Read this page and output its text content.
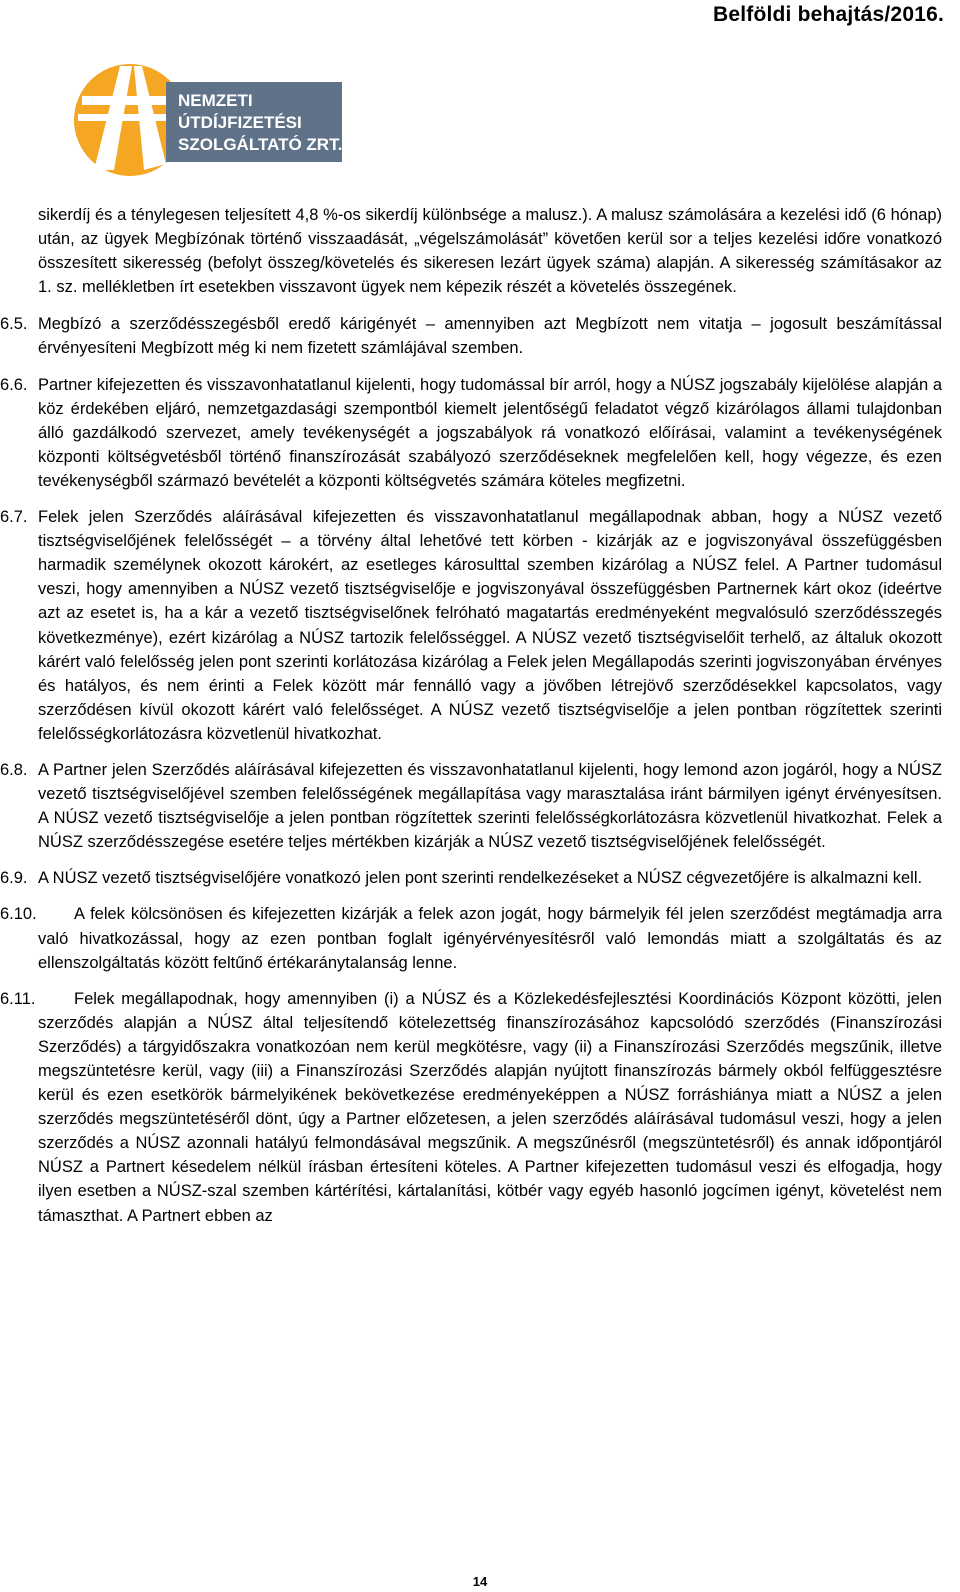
Belföldi behajtás/2016.
NEMZETI
ÚTDÍJFIZETÉSI
SZOLGÁLTATÓ ZRT.

sikerdíj és a ténylegesen teljesített 4,8 %-os sikerdíj különbsége a malusz.). A malusz számolására a kezelési idő (6 hónap) után, az ügyek Megbízónak történő visszaadását, „végelszámolását” követően kerül sor a teljes kezelési időre vonatkozó összesített sikeresség (befolyt összeg/követelés és sikeresen lezárt ügyek száma) alapján. A sikeresség számításakor az 1. sz. mellékletben írt esetekben visszavont ügyek nem képezik részét a követelés összegének.

6.5. Megbízó a szerződésszegésből eredő kárigényét – amennyiben azt Megbízott nem vitatja – jogosult beszámítással érvényesíteni Megbízott még ki nem fizetett számlájával szemben.
6.6. Partner kifejezetten és visszavonhatatlanul kijelenti, hogy tudomással bír arról, hogy a NÚSZ jogszabály kijelölése alapján a köz érdekében eljáró, nemzetgazdasági szempontból kiemelt jelentőségű feladatot végző kizárólagos állami tulajdonban álló gazdálkodó szervezet, amely tevékenységét a jogszabályok rá vonatkozó előírásai, valamint a tevékenységének központi költségvetésből történő finanszírozását szabályozó szerződéseknek megfelelően kell, hogy végezze, és ezen tevékenységből származó bevételét a központi költségvetés számára köteles megfizetni.
6.7. Felek jelen Szerződés aláírásával kifejezetten és visszavonhatatlanul megállapodnak abban, hogy a NÚSZ vezető tisztségviselőjének felelősségét – a törvény által lehetővé tett körben - kizárják az e jogviszonyával összefüggésben harmadik személynek okozott károkért, az esetleges károsulttal szemben kizárólag a NÚSZ felel. A Partner tudomásul veszi, hogy amennyiben a NÚSZ vezető tisztségviselője e jogviszonyával összefüggésben Partnernek kárt okoz (ideértve azt az esetet is, ha a kár a vezető tisztségviselőnek felróható magatartás eredményeként megvalósuló szerződésszegés következménye), ezért kizárólag a NÚSZ tartozik felelősséggel. A NÚSZ vezető tisztségviselőit terhelő, az általuk okozott kárért való felelősség jelen pont szerinti korlátozása kizárólag a Felek jelen Megállapodás szerinti jogviszonyában érvényes és hatályos, és nem érinti a Felek között már fennálló vagy a jövőben létrejövő szerződésekkel kapcsolatos, vagy szerződésen kívül okozott kárért való felelősséget. A NÚSZ vezető tisztségviselője a jelen pontban rögzítettek szerinti felelősségkorlátozásra közvetlenül hivatkozhat.
6.8. A Partner jelen Szerződés aláírásával kifejezetten és visszavonhatatlanul kijelenti, hogy lemond azon jogáról, hogy a NÚSZ vezető tisztségviselőjével szemben felelősségének megállapítása vagy marasztalása iránt bármilyen igényt érvényesítsen. A NÚSZ vezető tisztségviselője a jelen pontban rögzítettek szerinti felelősségkorlátozásra közvetlenül hivatkozhat. Felek a NÚSZ szerződésszegése esetére teljes mértékben kizárják a NÚSZ vezető tisztségviselőjének felelősségét.
6.9. A NÚSZ vezető tisztségviselőjére vonatkozó jelen pont szerinti rendelkezéseket a NÚSZ cégvezetőjére is alkalmazni kell.
6.10. A felek kölcsönösen és kifejezetten kizárják a felek azon jogát, hogy bármelyik fél jelen szerződést megtámadja arra való hivatkozással, hogy az ezen pontban foglalt igényérvényesítésről való lemondás miatt a szolgáltatás és az ellenszolgáltatás között feltűnő értékaránytalanság lenne.
6.11. Felek megállapodnak, hogy amennyiben (i) a NÚSZ és a Közlekedésfejlesztési Koordinációs Központ közötti, jelen szerződés alapján a NÚSZ által teljesítendő kötelezettség finanszírozásához kapcsolódó szerződés (Finanszírozási Szerződés) a tárgyidőszakra vonatkozóan nem kerül megkötésre, vagy (ii) a Finanszírozási Szerződés megszűnik, illetve megszüntetésre kerül, vagy (iii) a Finanszírozási Szerződés alapján nyújtott finanszírozás bármely okból felfüggesztésre kerül és ezen esetkörök bármelyikének bekövetkezése eredményeképpen a NÚSZ forráshiánya miatt a NÚSZ a jelen szerződés megszüntetéséről dönt, úgy a Partner előzetesen, a jelen szerződés aláírásával tudomásul veszi, hogy a jelen szerződés a NÚSZ azonnali hatályú felmondásával megszűnik. A megszűnésről (megszüntetésről) és annak időpontjáról NÚSZ a Partnert késedelem nélkül írásban értesíteni köteles. A Partner kifejezetten tudomásul veszi és elfogadja, hogy ilyen esetben a NÚSZ-szal szemben kártérítési, kártalanítási, kötbér vagy egyéb hasonló jogcímen igényt, követelést nem támaszthat. A Partnert ebben az
14
